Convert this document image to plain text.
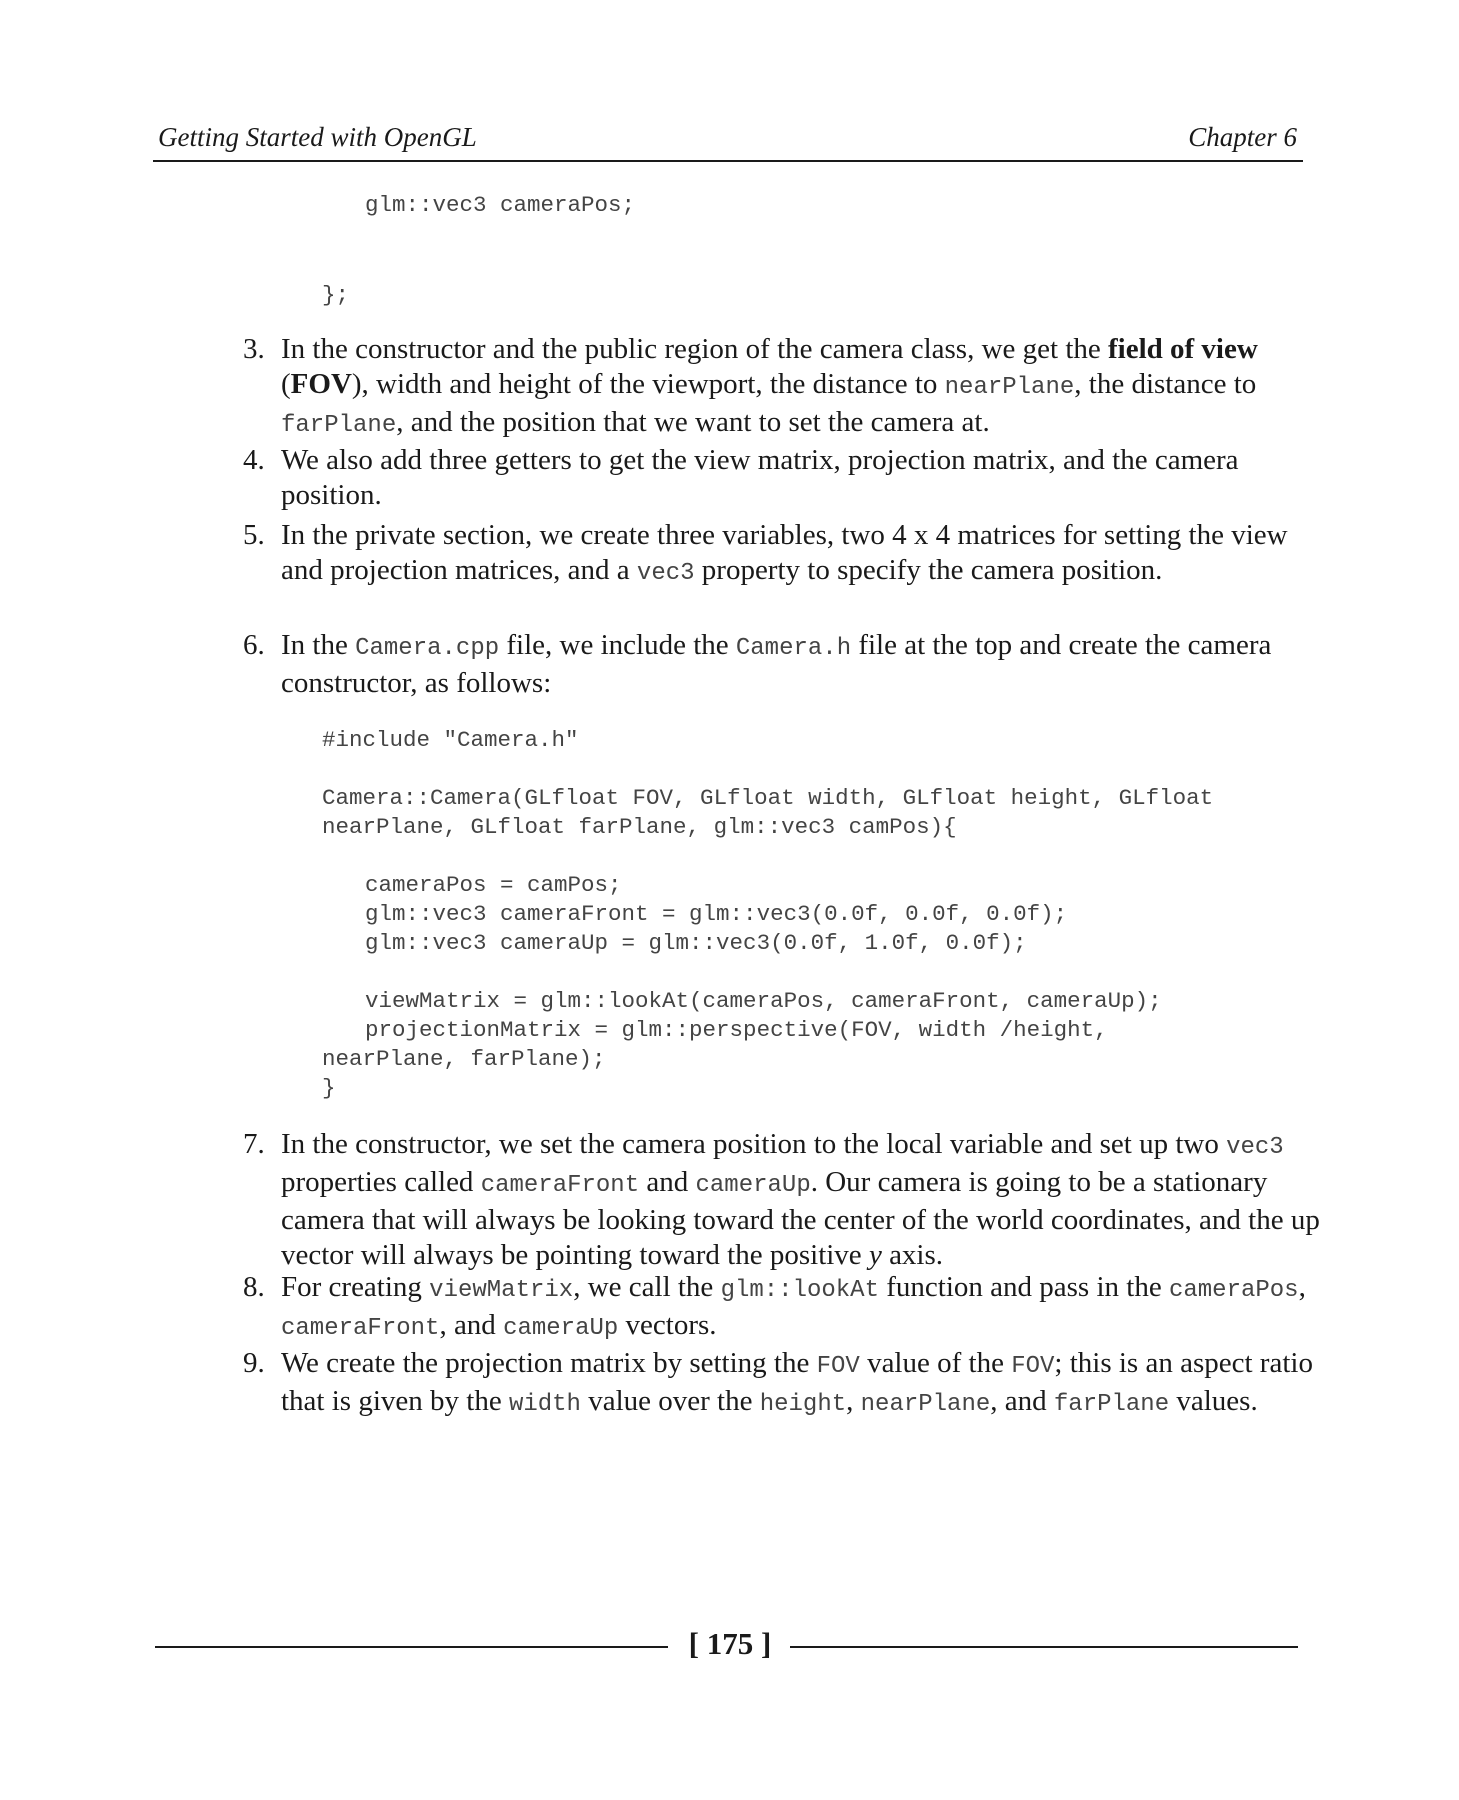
Getting Started with OpenGL	Chapter 6
glm::vec3 cameraPos;
};
3. In the constructor and the public region of the camera class, we get the field of view (FOV), width and height of the viewport, the distance to nearPlane, the distance to farPlane, and the position that we want to set the camera at.
4. We also add three getters to get the view matrix, projection matrix, and the camera position.
5. In the private section, we create three variables, two 4 x 4 matrices for setting the view and projection matrices, and a vec3 property to specify the camera position.
6. In the Camera.cpp file, we include the Camera.h file at the top and create the camera constructor, as follows:
#include "Camera.h"
Camera::Camera(GLfloat FOV, GLfloat width, GLfloat height, GLfloat
nearPlane, GLfloat farPlane, glm::vec3 camPos){
cameraPos = camPos;
glm::vec3 cameraFront = glm::vec3(0.0f, 0.0f, 0.0f);
glm::vec3 cameraUp = glm::vec3(0.0f, 1.0f, 0.0f);
viewMatrix = glm::lookAt(cameraPos, cameraFront, cameraUp);
projectionMatrix = glm::perspective(FOV, width /height,
nearPlane, farPlane);
}
7. In the constructor, we set the camera position to the local variable and set up two vec3 properties called cameraFront and cameraUp. Our camera is going to be a stationary camera that will always be looking toward the center of the world coordinates, and the up vector will always be pointing toward the positive y axis.
8. For creating viewMatrix, we call the glm::lookAt function and pass in the cameraPos, cameraFront, and cameraUp vectors.
9. We create the projection matrix by setting the FOV value of the FOV; this is an aspect ratio that is given by the width value over the height, nearPlane, and farPlane values.
[ 175 ]
